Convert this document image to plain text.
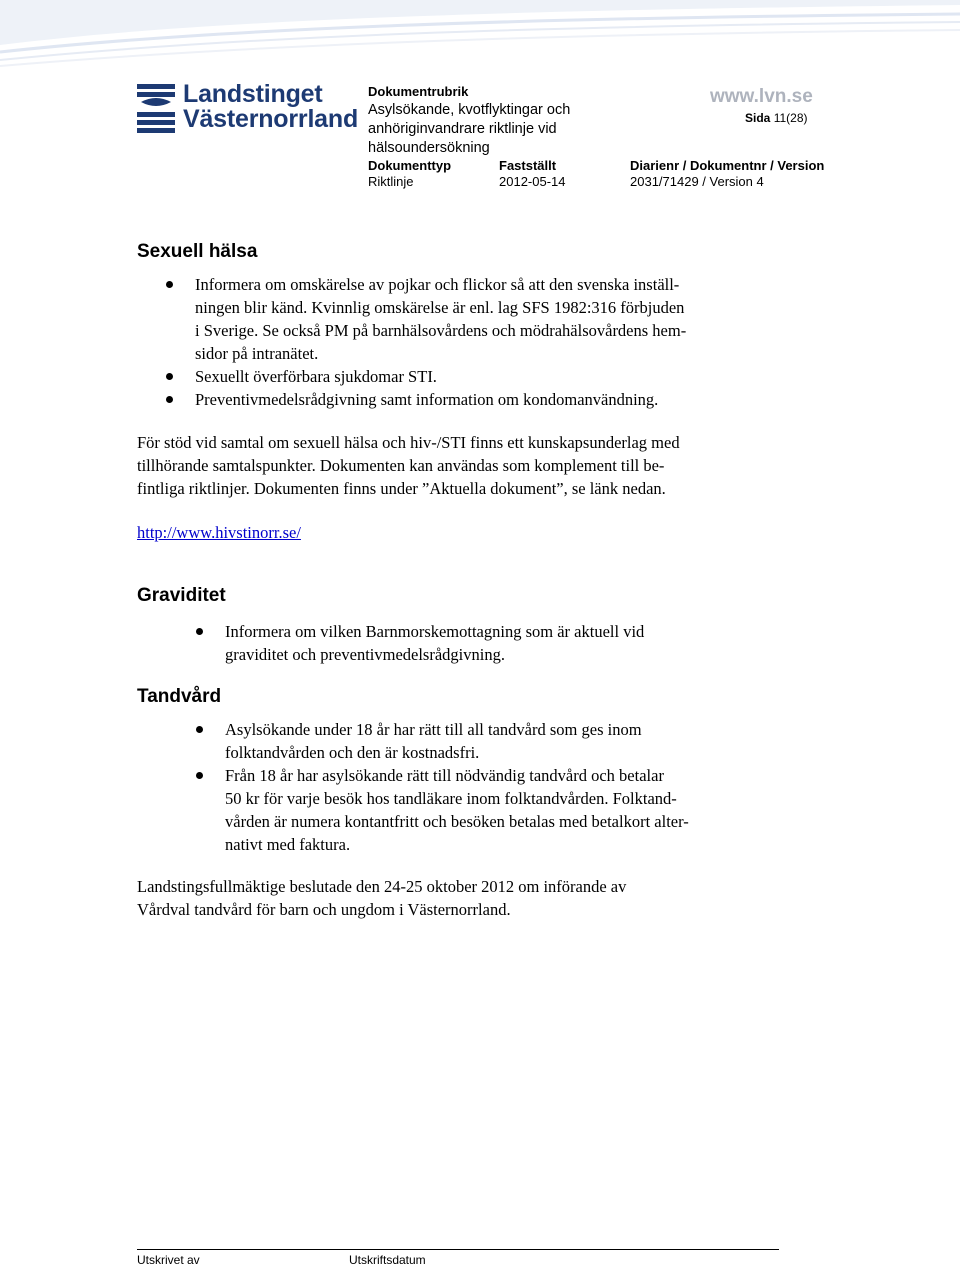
Landstinget
Västernorrland
Dokumentrubrik
Asylsökande, kvotflyktingar och
anhöriginvandrare riktlinje vid
hälsoundersökning
Dokumenttyp
Riktlinje
Fastställt
2012-05-14
Diarienr / Dokumentnr / Version
2031/71429 / Version 4
www.lvn.se
Sida 11(28)
Sexuell hälsa
Informera om omskärelse av pojkar och flickor så att den svenska inställ-
ningen blir känd. Kvinnlig omskärelse är enl. lag SFS 1982:316 förbjuden
i Sverige. Se också PM på barnhälsovårdens och mödrahälsovårdens hem-
sidor på intranätet.
Sexuellt överförbara sjukdomar STI.
Preventivmedelsrådgivning samt information om kondomanvändning.
För stöd vid samtal om sexuell hälsa och hiv-/STI finns ett kunskapsunderlag med
tillhörande samtalspunkter. Dokumenten kan användas som komplement till be-
fintliga riktlinjer. Dokumenten finns under ”Aktuella dokument”, se länk nedan.
http://www.hivstinorr.se/
Graviditet
Informera om vilken Barnmorskemottagning som är aktuell vid
graviditet och preventivmedelsrådgivning.
Tandvård
Asylsökande under 18 år har rätt till all tandvård som ges inom
folktandvården och den är kostnadsfri.
Från 18 år har asylsökande rätt till nödvändig tandvård och betalar
50 kr för varje besök hos tandläkare inom folktandvården. Folktand-
vården är numera kontantfritt och besöken betalas med betalkort alter-
nativt med faktura.
Landstingsfullmäktige beslutade den 24-25 oktober 2012 om införande av
Vårdval tandvård för barn och ungdom i Västernorrland.
Utskrivet av	Utskriftsdatum
